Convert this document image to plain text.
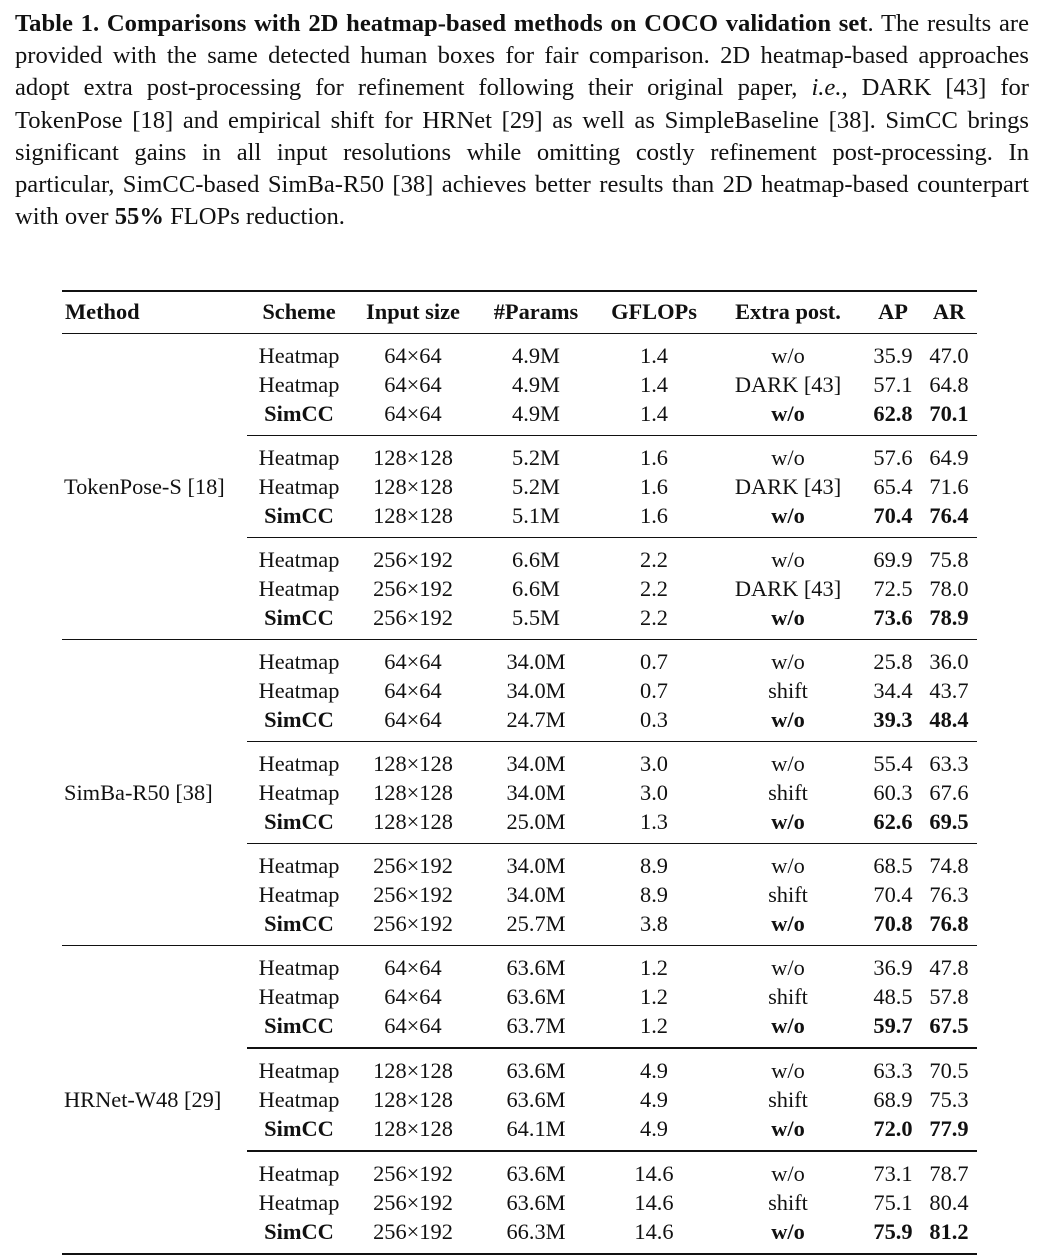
Table 1. Comparisons with 2D heatmap-based methods on COCO validation set. The results are provided with the same detected human boxes for fair comparison. 2D heatmap-based approaches adopt extra post-processing for refinement following their original paper, i.e., DARK [43] for TokenPose [18] and empirical shift for HRNet [29] as well as SimpleBaseline [38]. SimCC brings significant gains in all input resolutions while omitting costly refinement post-processing. In particular, SimCC-based SimBa-R50 [38] achieves better results than 2D heatmap-based counterpart with over 55% FLOPs reduction.
Method	Scheme	Input size	#Params	GFLOPs	Extra post.	AP	AR
TokenPose-S [18]	Heatmap	64×64	4.9M	1.4	w/o	35.9	47.0
	Heatmap	64×64	4.9M	1.4	DARK [43]	57.1	64.8
	SimCC	64×64	4.9M	1.4	w/o	62.8	70.1
	Heatmap	128×128	5.2M	1.6	w/o	57.6	64.9
	Heatmap	128×128	5.2M	1.6	DARK [43]	65.4	71.6
	SimCC	128×128	5.1M	1.6	w/o	70.4	76.4
	Heatmap	256×192	6.6M	2.2	w/o	69.9	75.8
	Heatmap	256×192	6.6M	2.2	DARK [43]	72.5	78.0
	SimCC	256×192	5.5M	2.2	w/o	73.6	78.9
SimBa-R50 [38]	Heatmap	64×64	34.0M	0.7	w/o	25.8	36.0
	Heatmap	64×64	34.0M	0.7	shift	34.4	43.7
	SimCC	64×64	24.7M	0.3	w/o	39.3	48.4
	Heatmap	128×128	34.0M	3.0	w/o	55.4	63.3
	Heatmap	128×128	34.0M	3.0	shift	60.3	67.6
	SimCC	128×128	25.0M	1.3	w/o	62.6	69.5
	Heatmap	256×192	34.0M	8.9	w/o	68.5	74.8
	Heatmap	256×192	34.0M	8.9	shift	70.4	76.3
	SimCC	256×192	25.7M	3.8	w/o	70.8	76.8
HRNet-W48 [29]	Heatmap	64×64	63.6M	1.2	w/o	36.9	47.8
	Heatmap	64×64	63.6M	1.2	shift	48.5	57.8
	SimCC	64×64	63.7M	1.2	w/o	59.7	67.5
	Heatmap	128×128	63.6M	4.9	w/o	63.3	70.5
	Heatmap	128×128	63.6M	4.9	shift	68.9	75.3
	SimCC	128×128	64.1M	4.9	w/o	72.0	77.9
	Heatmap	256×192	63.6M	14.6	w/o	73.1	78.7
	Heatmap	256×192	63.6M	14.6	shift	75.1	80.4
	SimCC	256×192	66.3M	14.6	w/o	75.9	81.2
